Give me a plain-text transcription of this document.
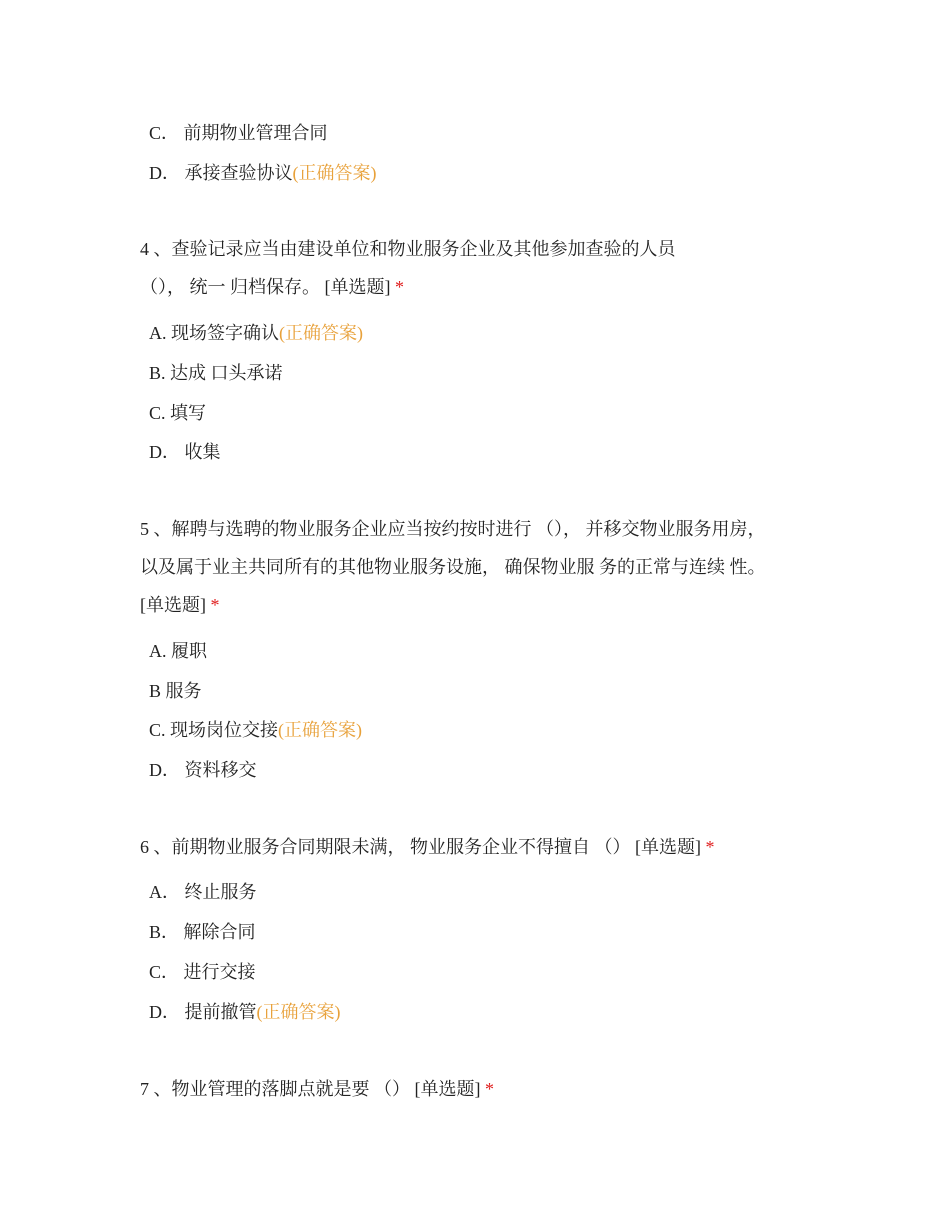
C． 前期物业管理合同
D． 承接查验协议(正确答案)
4 、查验记录应当由建设单位和物业服务企业及其他参加查验的人员
（）， 统一 归档保存。 [单选题] *
A. 现场签字确认(正确答案)
B. 达成 口头承诺
C. 填写
D． 收集
5 、解聘与选聘的物业服务企业应当按约按时进行 （）， 并移交物业服务用房，
以及属于业主共同所有的其他物业服务设施， 确保物业服 务的正常与连续 性。
[单选题] *
A. 履职
B 服务
C. 现场岗位交接(正确答案)
D． 资料移交
6 、前期物业服务合同期限未满， 物业服务企业不得擅自 （） [单选题] *
A． 终止服务
B． 解除合同
C． 进行交接
D． 提前撤管(正确答案)
7 、物业管理的落脚点就是要 （） [单选题] *
